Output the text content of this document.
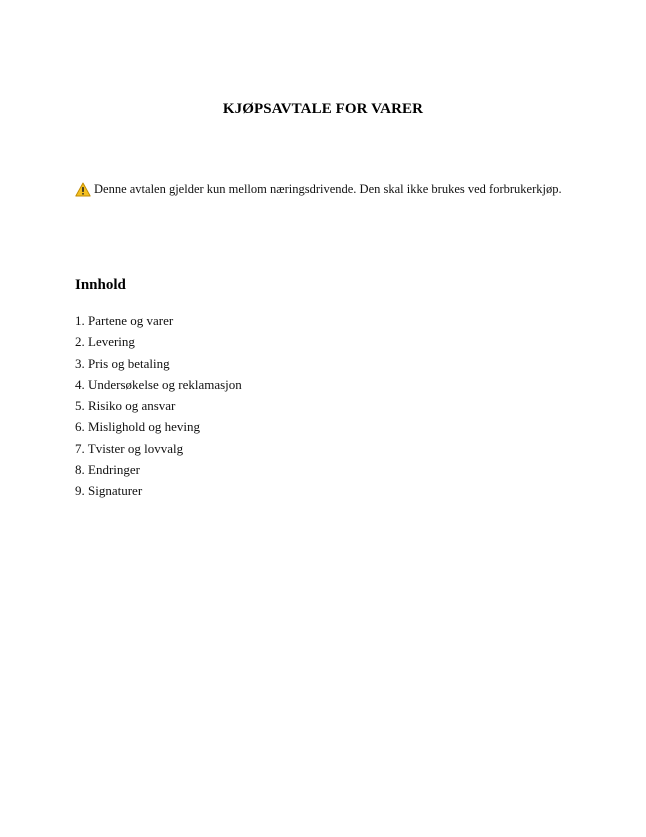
KJØPSAVTALE FOR VARER
Denne avtalen gjelder kun mellom næringsdrivende. Den skal ikke brukes ved forbrukerkjøp.
Innhold
1. Partene og varer
2. Levering
3. Pris og betaling
4. Undersøkelse og reklamasjon
5. Risiko og ansvar
6. Mislighold og heving
7. Tvister og lovvalg
8. Endringer
9. Signaturer
